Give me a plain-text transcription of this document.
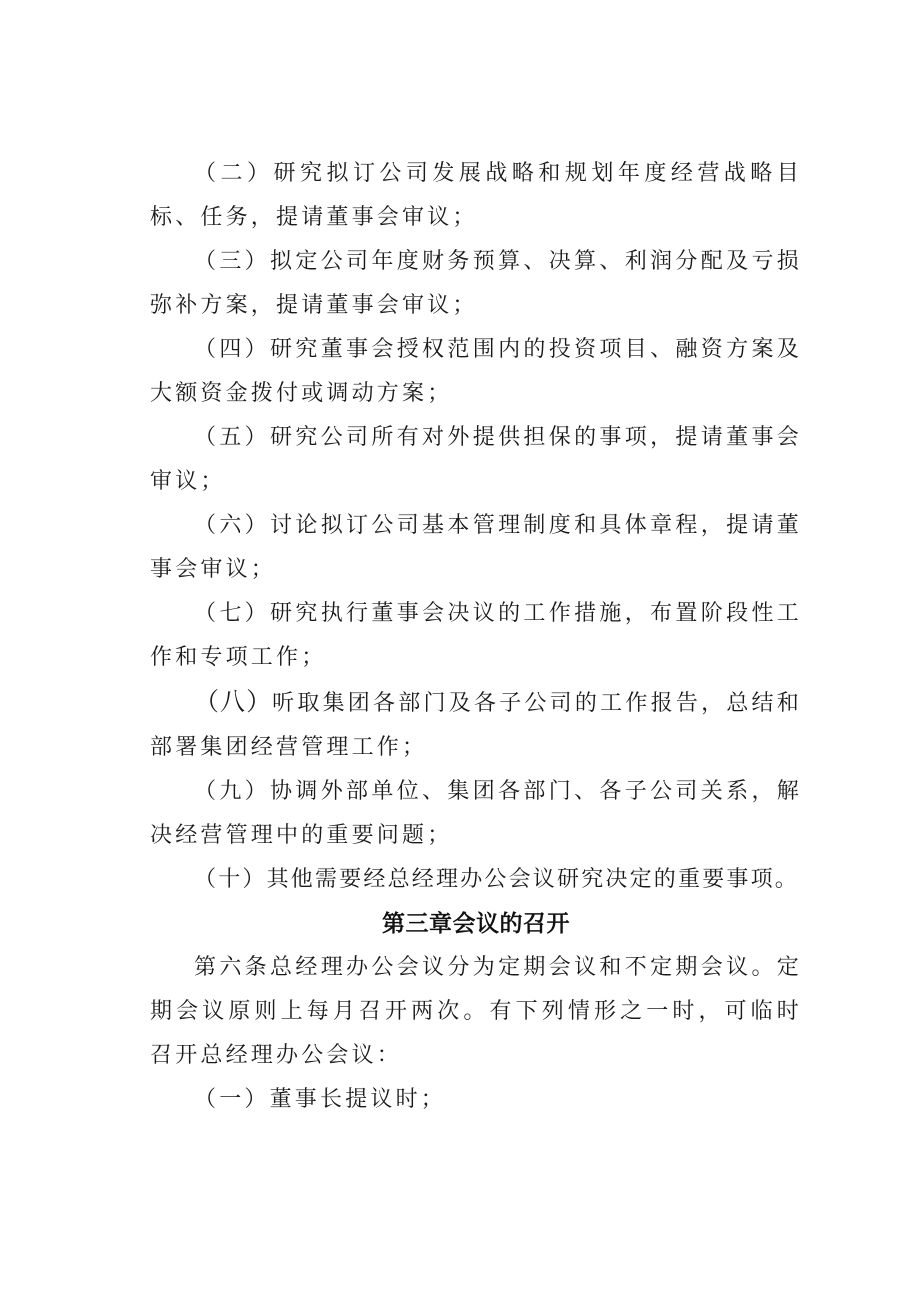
（二）研究拟订公司发展战略和规划年度经营战略目标、任务，提请董事会审议；

（三）拟定公司年度财务预算、决算、利润分配及亏损弥补方案，提请董事会审议；

（四）研究董事会授权范围内的投资项目、融资方案及大额资金拨付或调动方案；

（五）研究公司所有对外提供担保的事项，提请董事会审议；

（六）讨论拟订公司基本管理制度和具体章程，提请董事会审议；

（七）研究执行董事会决议的工作措施，布置阶段性工作和专项工作；

（八）听取集团各部门及各子公司的工作报告，总结和部署集团经营管理工作；

（九）协调外部单位、集团各部门、各子公司关系，解决经营管理中的重要问题；

（十）其他需要经总经理办公会议研究决定的重要事项。

第三章会议的召开

第六条总经理办公会议分为定期会议和不定期会议。定期会议原则上每月召开两次。有下列情形之一时，可临时召开总经理办公会议：

（一）董事长提议时；
